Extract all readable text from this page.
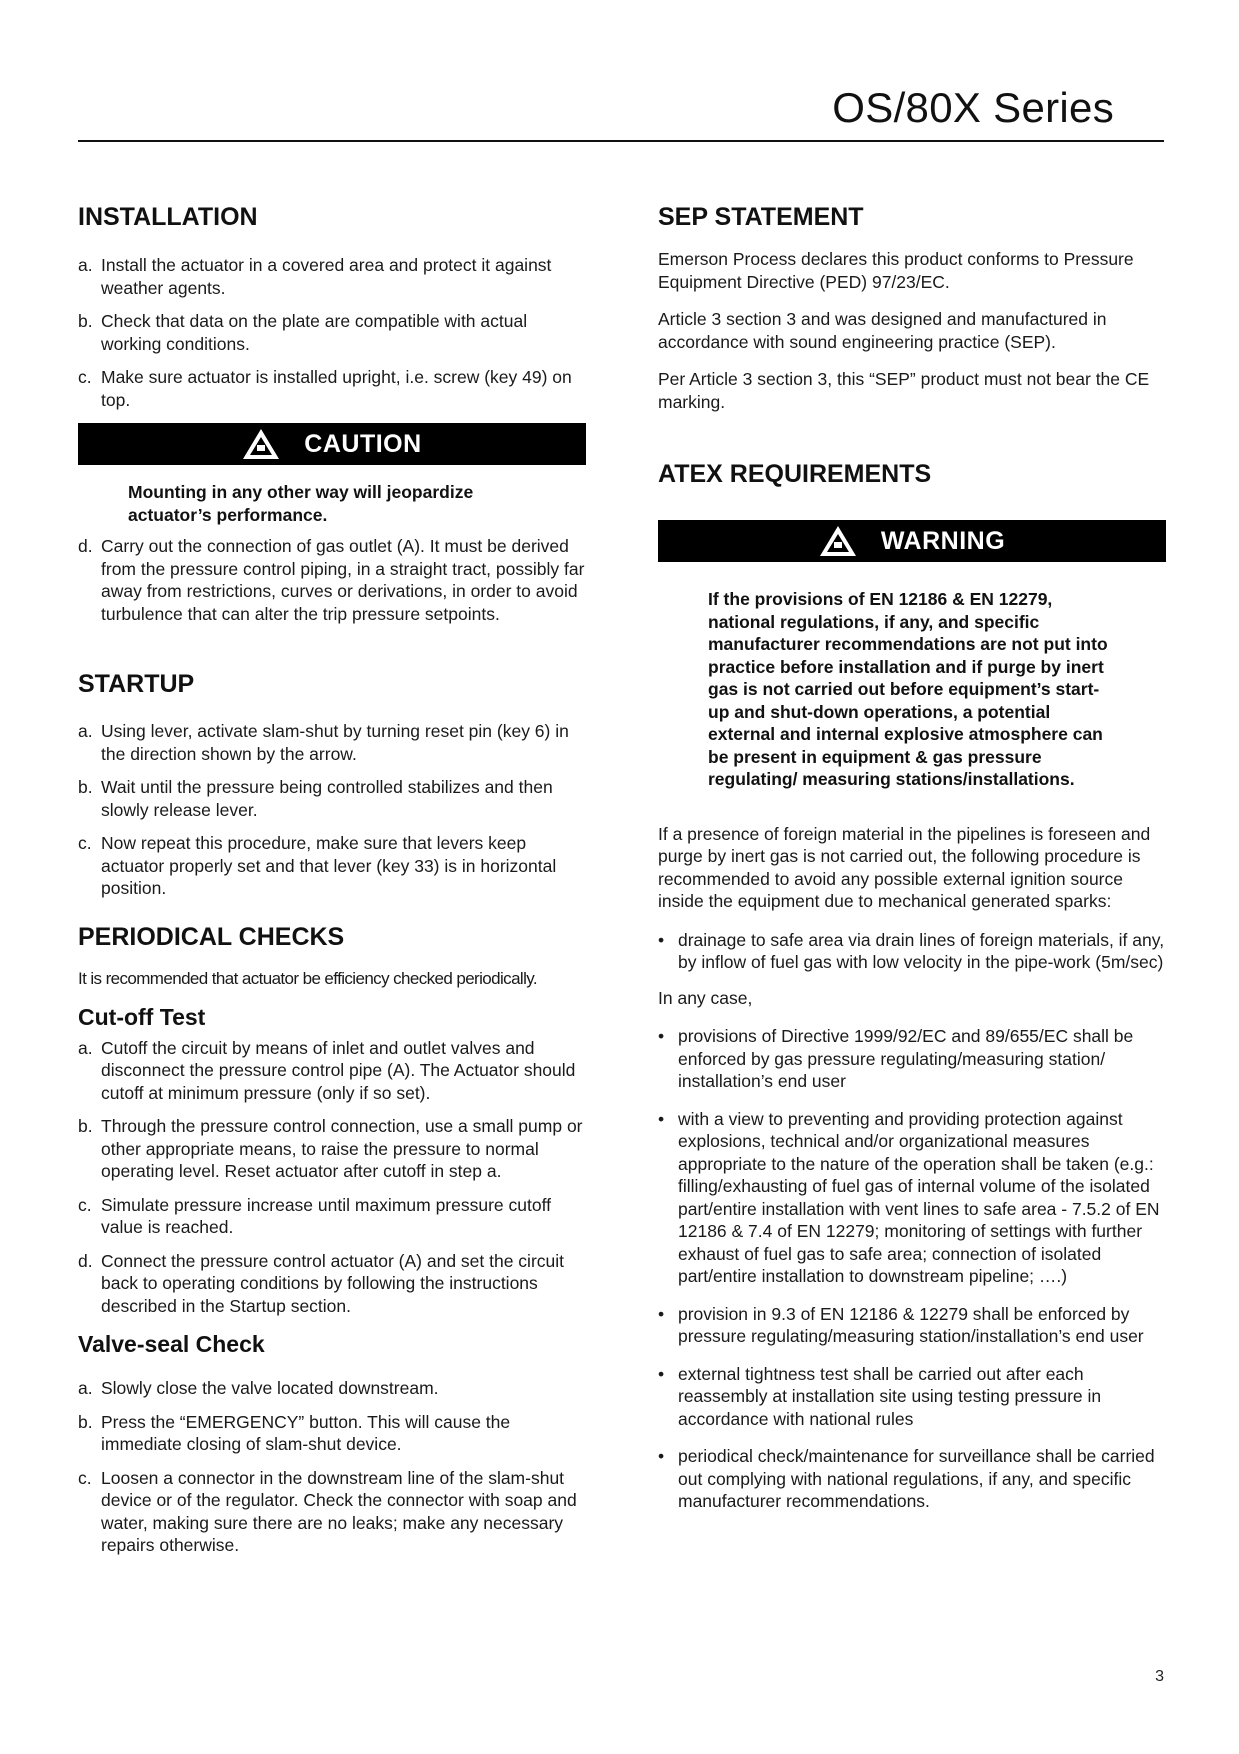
OS/80X Series
INSTALLATION
a. Install the actuator in a covered area and protect it against weather agents.
b. Check that data on the plate are compatible with actual working conditions.
c. Make sure actuator is installed upright, i.e. screw (key 49) on top.
CAUTION

Mounting in any other way will jeopardize actuator’s performance.

d. Carry out the connection of gas outlet (A). It must be derived from the pressure control piping, in a straight tract, possibly far away from restrictions, curves or derivations, in order to avoid turbulence that can alter the trip pressure setpoints.
STARTUP
a. Using lever, activate slam-shut by turning reset pin (key 6) in the direction shown by the arrow.
b. Wait until the pressure being controlled stabilizes and then slowly release lever.
c. Now repeat this procedure, make sure that levers keep actuator properly set and that lever (key 33) is in horizontal position.
PERIODICAL CHECKS

It is recommended that actuator be efficiency checked periodically.

Cut-off Test
a. Cutoff the circuit by means of inlet and outlet valves and disconnect the pressure control pipe (A). The Actuator should cutoff at minimum pressure (only if so set).
b. Through the pressure control connection, use a small pump or other appropriate means, to raise the pressure to normal operating level. Reset actuator after cutoff in step a.
c. Simulate pressure increase until maximum pressure cutoff value is reached.
d. Connect the pressure control actuator (A) and set the circuit back to operating conditions by following the instructions described in the Startup section.
Valve-seal Check
a. Slowly close the valve located downstream.
b. Press the “EMERGENCY” button. This will cause the immediate closing of slam-shut device.
c. Loosen a connector in the downstream line of the slam-shut device or of the regulator. Check the connector with soap and water, making sure there are no leaks; make any necessary repairs otherwise.
SEP STATEMENT

Emerson Process declares this product conforms to Pressure Equipment Directive (PED) 97/23/EC.

Article 3 section 3 and was designed and manufactured in accordance with sound engineering practice (SEP).

Per Article 3 section 3, this “SEP” product must not bear the CE marking.

ATEX REQUIREMENTS
WARNING

If the provisions of EN 12186 & EN 12279, national regulations, if any, and specific manufacturer recommendations are not put into practice before installation and if purge by inert gas is not carried out before equipment’s start-up and shut-down operations, a potential external and internal explosive atmosphere can be present in equipment & gas pressure regulating/ measuring stations/installations.

If a presence of foreign material in the pipelines is foreseen and purge by inert gas is not carried out, the following procedure is recommended to avoid any possible external ignition source inside the equipment due to mechanical generated sparks:

• drainage to safe area via drain lines of foreign materials, if any, by inflow of fuel gas with low velocity in the pipe-work (5m/sec)

In any case,

• provisions of Directive 1999/92/EC and 89/655/EC shall be enforced by gas pressure regulating/measuring station/ installation’s end user
• with a view to preventing and providing protection against explosions, technical and/or organizational measures appropriate to the nature of the operation shall be taken (e.g.: filling/exhausting of fuel gas of internal volume of the isolated part/entire installation with vent lines to safe area - 7.5.2 of EN 12186 & 7.4 of EN 12279; monitoring of settings with further exhaust of fuel gas to safe area; connection of isolated part/entire installation to downstream pipeline; ….)
• provision in 9.3 of EN 12186 & 12279 shall be enforced by pressure regulating/measuring station/installation’s end user
• external tightness test shall be carried out after each reassembly at installation site using testing pressure in accordance with national rules
• periodical check/maintenance for surveillance shall be carried out complying with national regulations, if any, and specific manufacturer recommendations.
3
